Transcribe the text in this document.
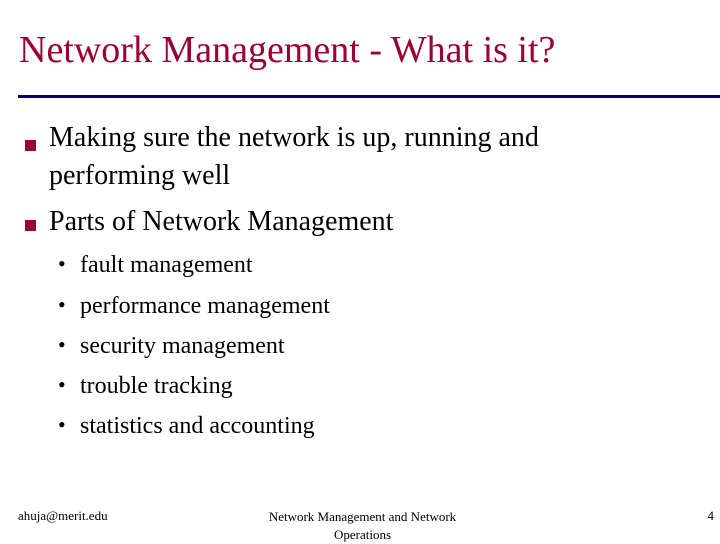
Network Management - What is it?
Making sure the network is up, running and
performing well
Parts of Network Management
• fault management
• performance management
• security management
• trouble tracking
• statistics and accounting
ahuja@merit.edu	Network Management and Network Operations
4
